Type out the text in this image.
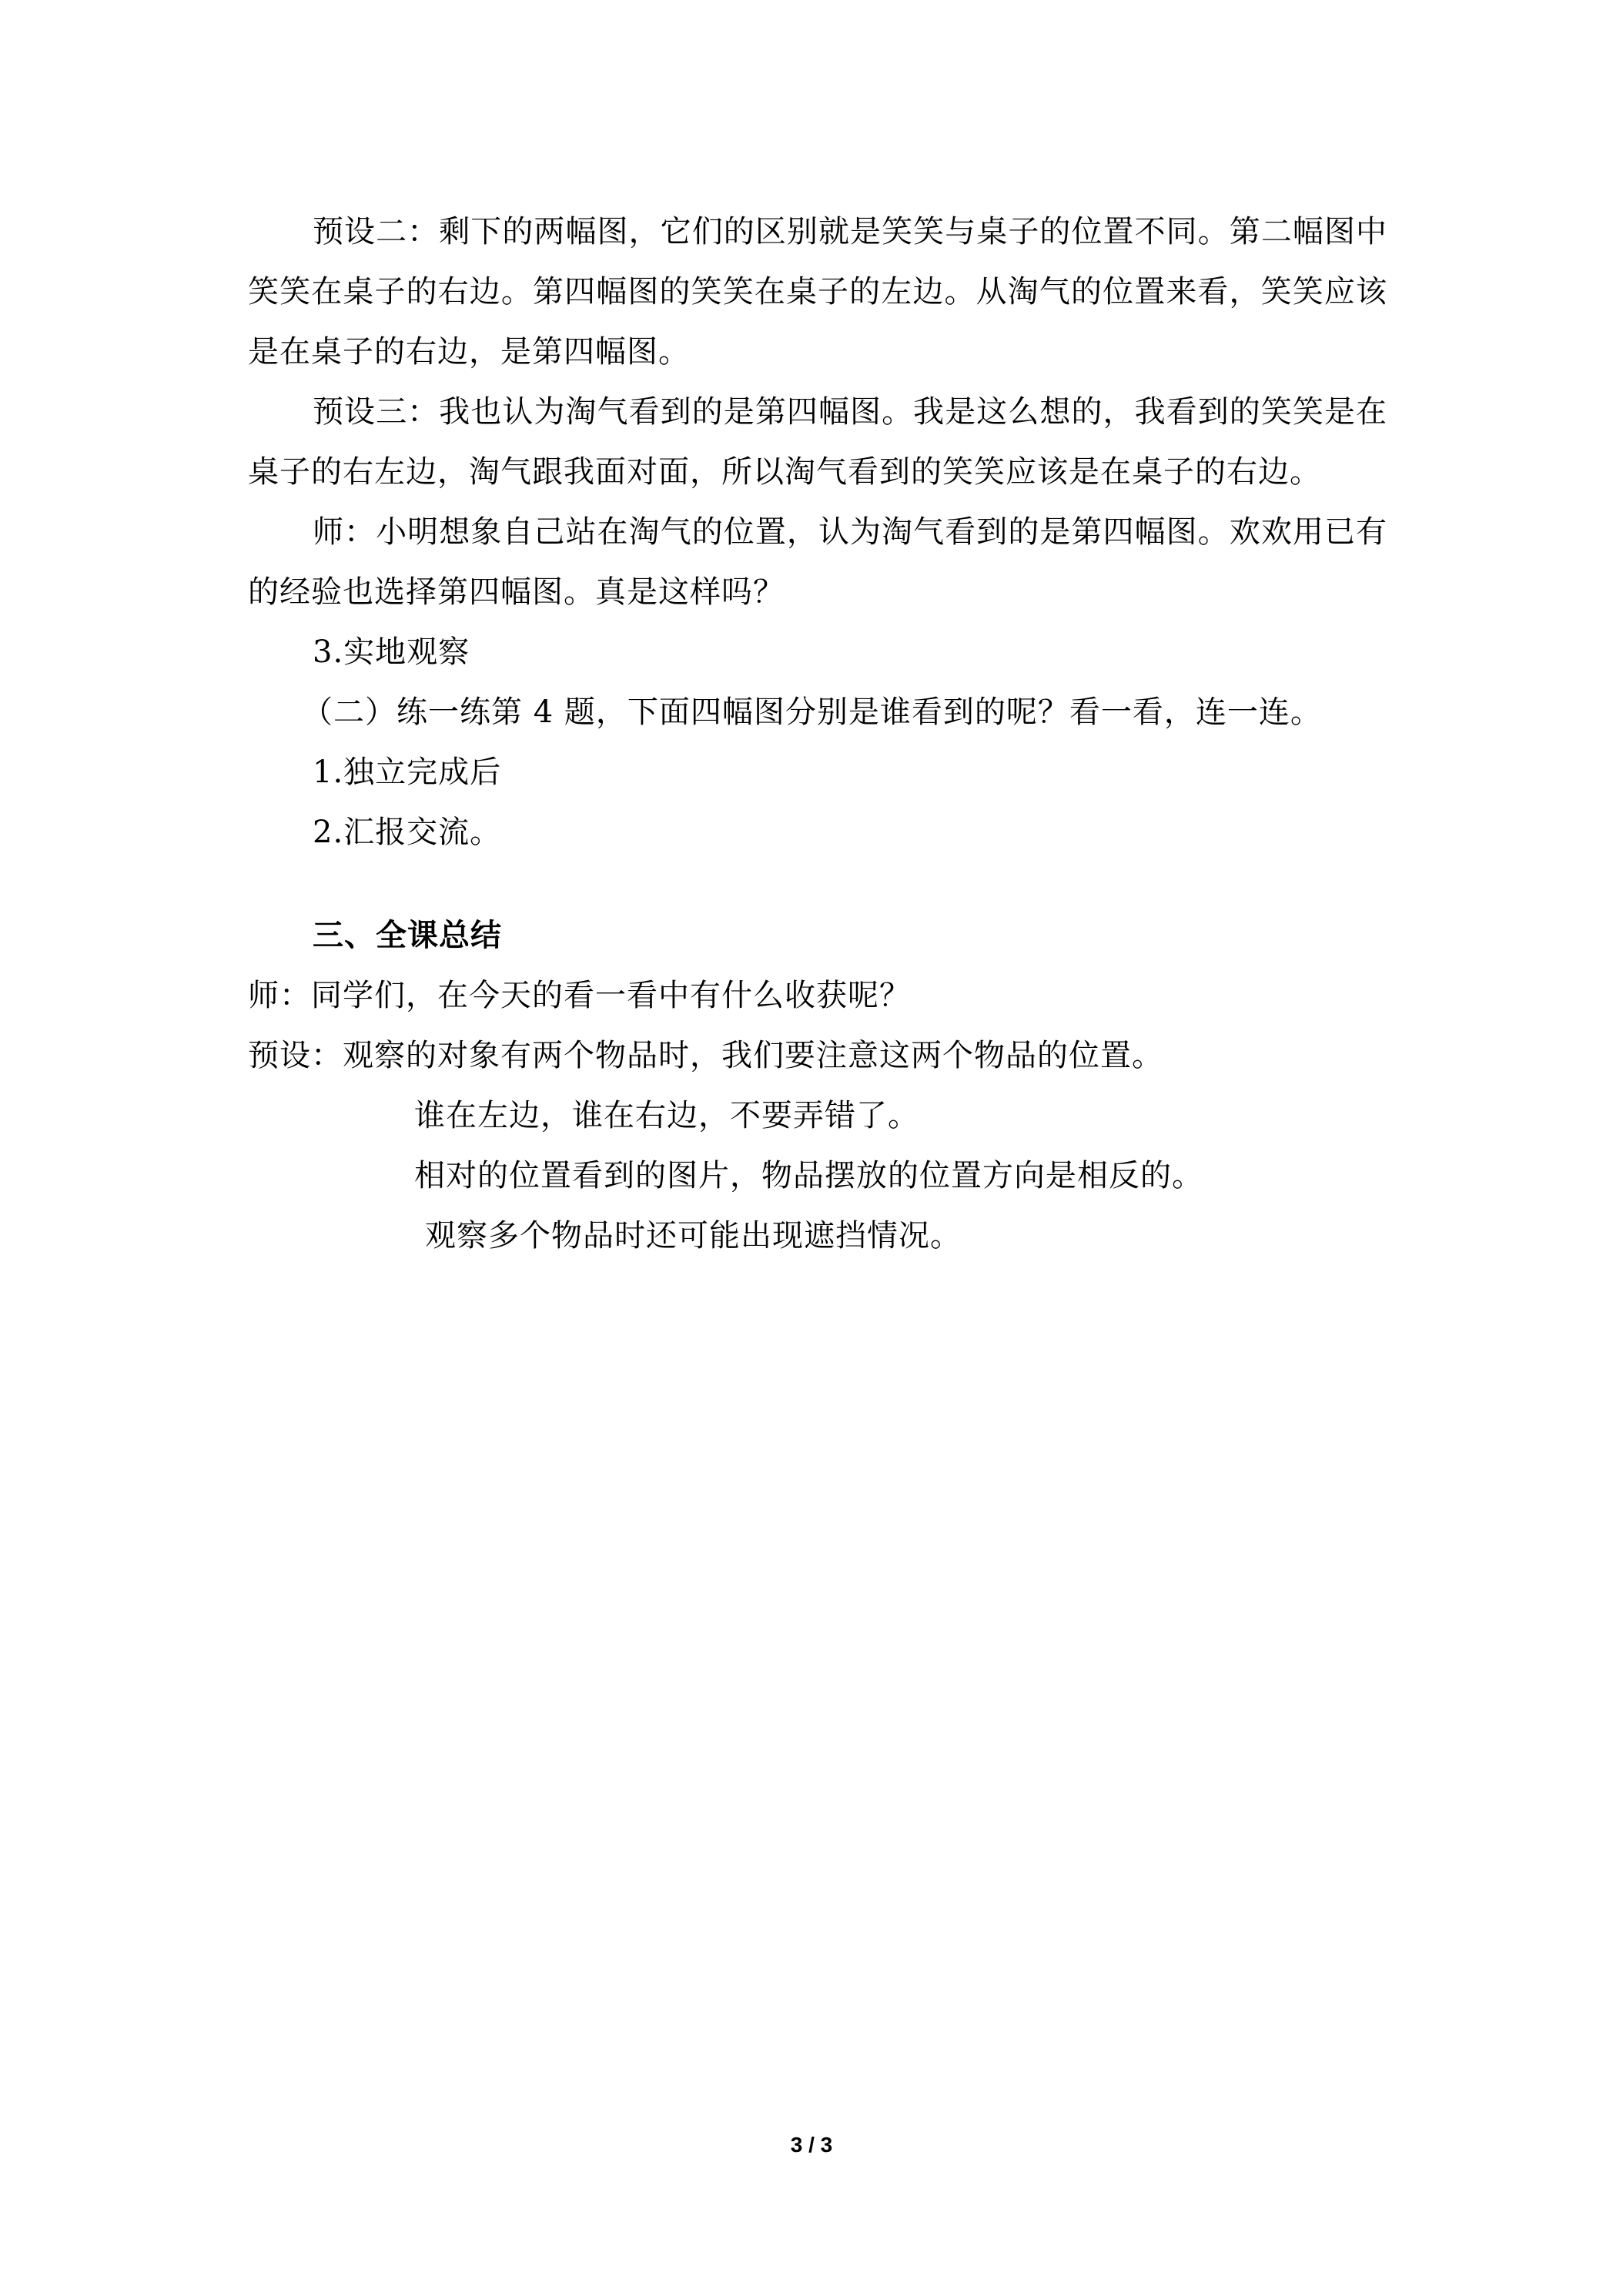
预设二：剩下的两幅图，它们的区别就是笑笑与桌子的位置不同。第二幅图中笑笑在桌子的右边。第四幅图的笑笑在桌子的左边。从淘气的位置来看，笑笑应该是在桌子的右边，是第四幅图。

预设三：我也认为淘气看到的是第四幅图。我是这么想的，我看到的笑笑是在桌子的右左边，淘气跟我面对面，所以淘气看到的笑笑应该是在桌子的右边。

师：小明想象自己站在淘气的位置，认为淘气看到的是第四幅图。欢欢用已有的经验也选择第四幅图。真是这样吗？

3.实地观察

（二）练一练第 4 题，下面四幅图分别是谁看到的呢？看一看，连一连。

1.独立完成后

2.汇报交流。

三、全课总结

师：同学们，在今天的看一看中有什么收获呢？

预设：观察的对象有两个物品时，我们要注意这两个物品的位置。

谁在左边，谁在右边，不要弄错了。

相对的位置看到的图片，物品摆放的位置方向是相反的。

观察多个物品时还可能出现遮挡情况。

3 / 3
